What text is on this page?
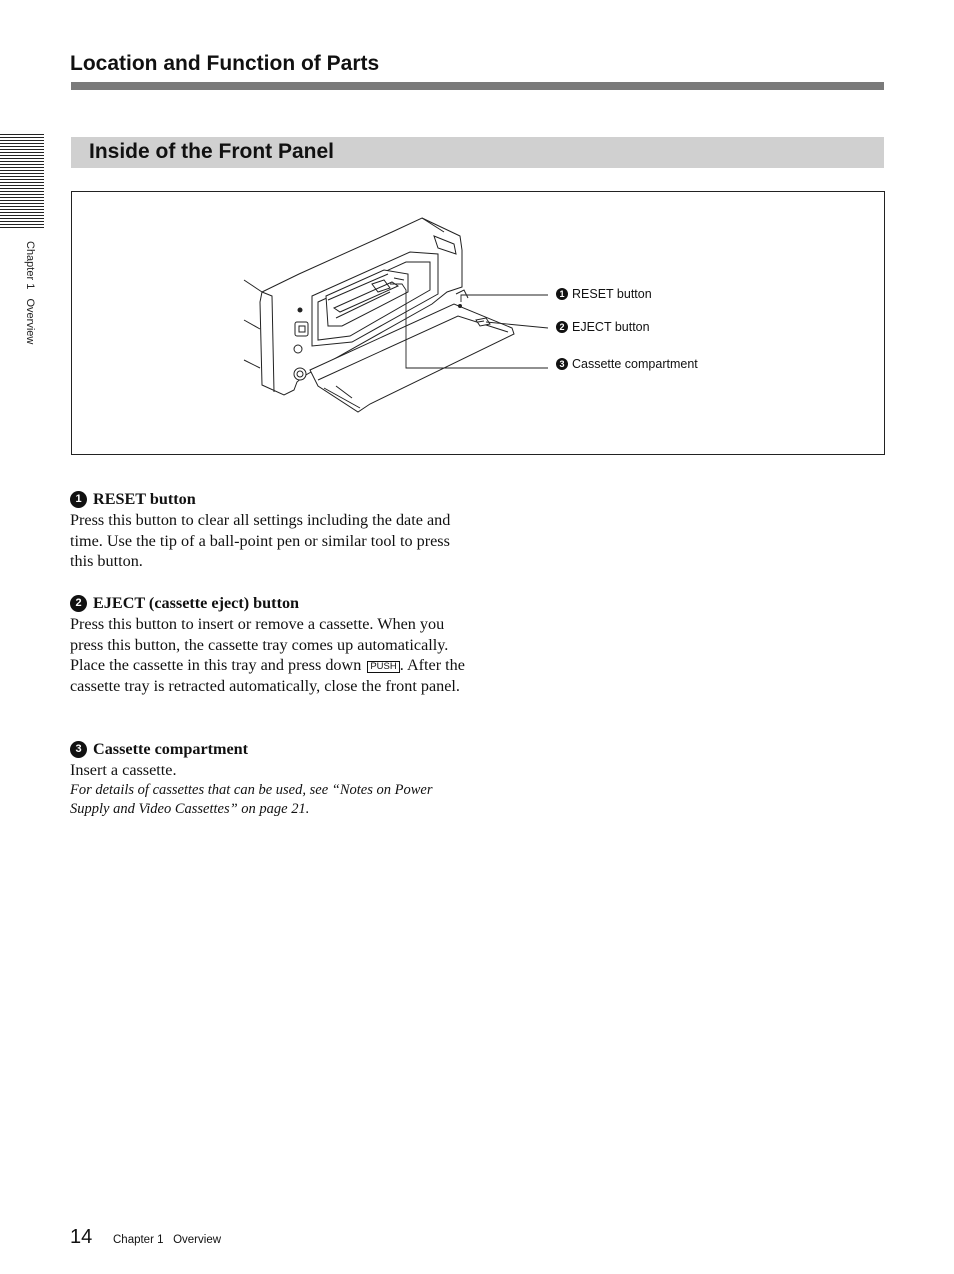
Location and Function of Parts
Chapter 1   Overview
Inside of the Front Panel
1 RESET button
2 EJECT button
3 Cassette compartment
1 RESET button

Press this button to clear all settings including the date and time. Use the tip of a ball-point pen or similar tool to press this button.

2 EJECT (cassette eject) button

Press this button to insert or remove a cassette. When you press this button, the cassette tray comes up automatically. Place the cassette in this tray and press down PUSH . After the cassette tray is retracted automatically, close the front panel.

3 Cassette compartment

Insert a cassette.

For details of cassettes that can be used, see “Notes on Power Supply and Video Cassettes” on page 21.

14 Chapter 1   Overview
